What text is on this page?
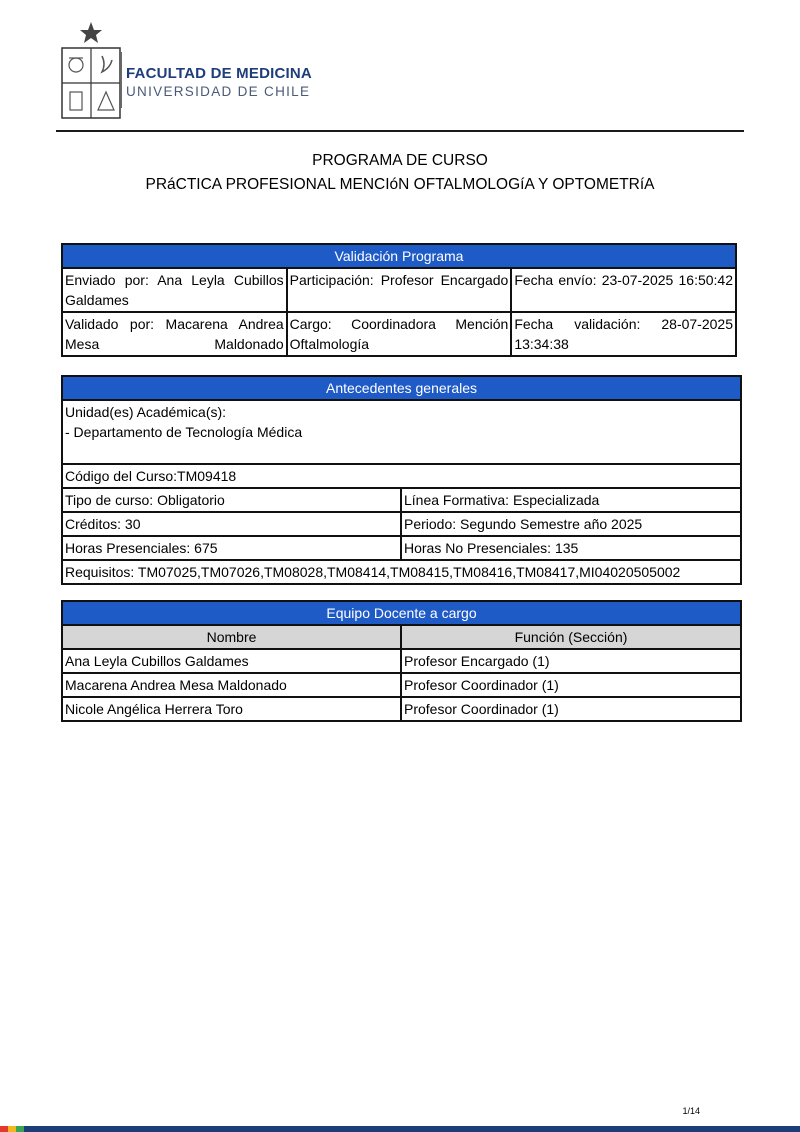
FACULTAD DE MEDICINA
UNIVERSIDAD DE CHILE
PROGRAMA DE CURSO
PRáCTICA PROFESIONAL MENCIóN OFTALMOLOGíA Y OPTOMETRíA
Validación Programa		
Enviado por: Ana Leyla Cubillos Galdames	Participación: Profesor Encargado	Fecha envío: 23-07-2025 16:50:42
Validado por: Macarena Andrea Mesa Maldonado	Cargo: Coordinadora Mención Oftalmología	Fecha validación: 28-07-2025 13:34:38
Antecedentes generales	

Unidad(es) Académica(s):
- Departamento de Tecnología Médica	

Código del Curso:TM09418	
Tipo de curso: Obligatorio	Línea Formativa: Especializada
Créditos: 30	Periodo: Segundo Semestre año 2025
Horas Presenciales: 675	Horas No Presenciales: 135
Requisitos: TM07025,TM07026,TM08028,TM08414,TM08415,TM08416,TM08417,MI04020505002	
Equipo Docente a cargo	
Nombre	Función (Sección)
Ana Leyla Cubillos Galdames	Profesor Encargado (1)
Macarena Andrea Mesa Maldonado	Profesor Coordinador (1)
Nicole Angélica Herrera Toro	Profesor Coordinador (1)
1/14
